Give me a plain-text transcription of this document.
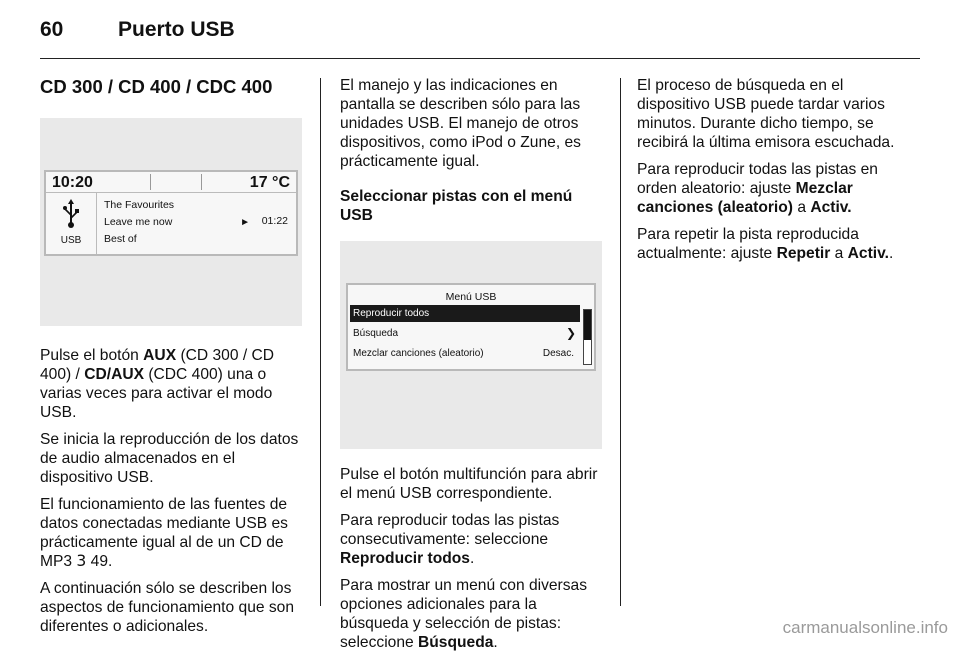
60	Puerto USB
CD 300 / CD 400 / CDC 400
10:20	17 °C
USB
The Favourites
Leave me now
Best of
► 01:22

Pulse el botón AUX (CD 300 / CD 400) / CD/AUX (CDC 400) una o varias veces para activar el modo USB.

Se inicia la reproducción de los datos de audio almacenados en el dispositivo USB.

El funcionamiento de las fuentes de datos conectadas mediante USB es prácticamente igual al de un CD de MP3 3 49.

A continuación sólo se describen los aspectos de funcionamiento que son diferentes o adicionales.

El manejo y las indicaciones en pantalla se describen sólo para las unidades USB. El manejo de otros dispositivos, como iPod o Zune, es prácticamente igual.

Seleccionar pistas con el menú USB
Menú USB
Reproducir todos
Búsqueda	❯
Mezclar canciones (aleatorio)	Desac.

Pulse el botón multifunción para abrir el menú USB correspondiente.

Para reproducir todas las pistas consecutivamente: seleccione Reproducir todos.

Para mostrar un menú con diversas opciones adicionales para la búsqueda y selección de pistas: seleccione Búsqueda.

El proceso de búsqueda en el dispositivo USB puede tardar varios minutos. Durante dicho tiempo, se recibirá la última emisora escuchada.

Para reproducir todas las pistas en orden aleatorio: ajuste Mezclar canciones (aleatorio) a Activ.

Para repetir la pista reproducida actualmente: ajuste Repetir a Activ..

carmanualsonline.info
